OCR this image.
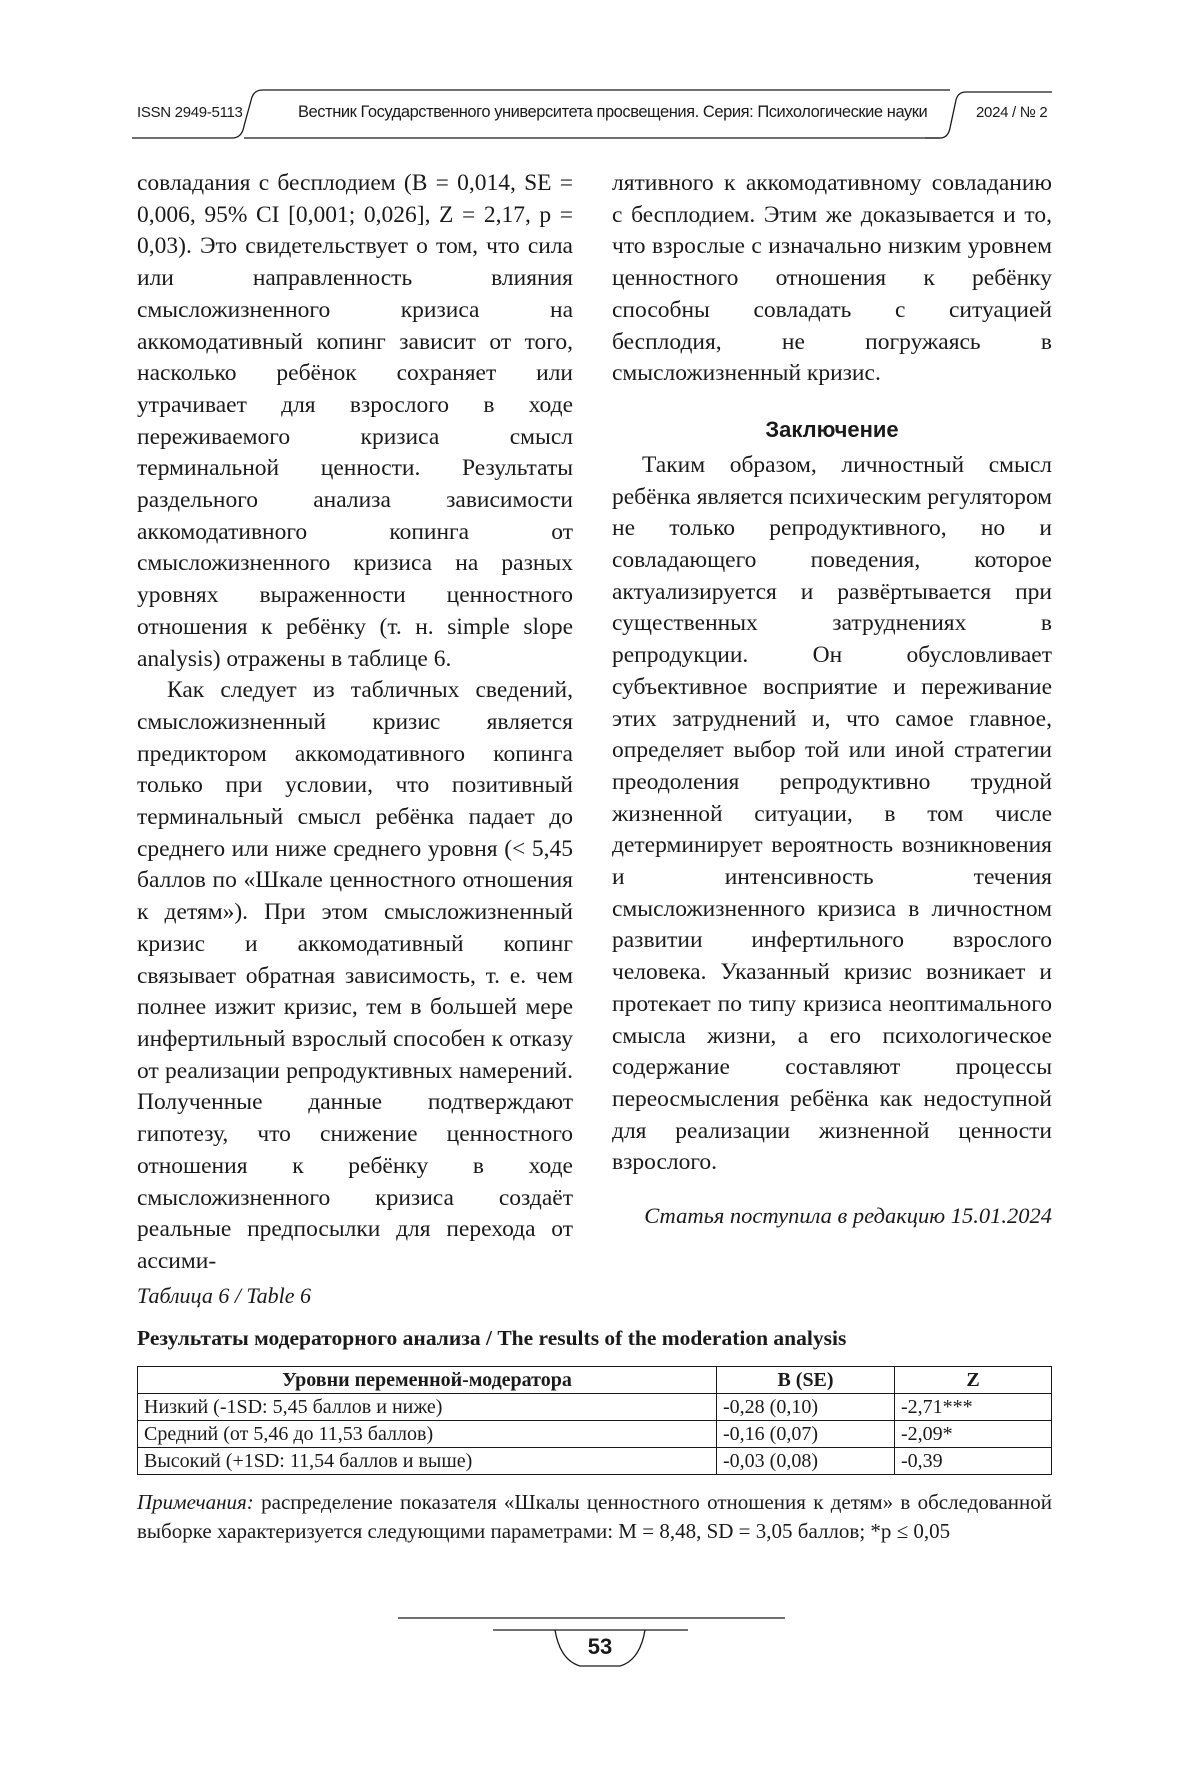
ISSN 2949-5113	Вестник Государственного университета просвещения. Серия: Психологические науки	2024 / № 2

совладания с бесплодием (B = 0,014, SE = 0,006, 95% CI [0,001; 0,026], Z = 2,17, p = 0,03). Это свидетельствует о том, что сила или направленность влияния смысложизненного кризиса на аккомодативный копинг зависит от того, насколько ребёнок сохраняет или утрачивает для взрослого в ходе переживаемого кризиса смысл терминальной ценности. Результаты раздельного анализа зависимости аккомодативного копинга от смысложизненного кризиса на разных уровнях выраженности ценностного отношения к ребёнку (т. н. simple slope analysis) отражены в таблице 6.

Как следует из табличных сведений, смысложизненный кризис является предиктором аккомодативного копинга только при условии, что позитивный терминальный смысл ребёнка падает до среднего или ниже среднего уровня (< 5,45 баллов по «Шкале ценностного отношения к детям»). При этом смысложизненный кризис и аккомодативный копинг связывает обратная зависимость, т. е. чем полнее изжит кризис, тем в большей мере инфертильный взрослый способен к отказу от реализации репродуктивных намерений. Полученные данные подтверждают гипотезу, что снижение ценностного отношения к ребёнку в ходе смысложизненного кризиса создаёт реальные предпосылки для перехода от ассими-

лятивного к аккомодативному совладанию с бесплодием. Этим же доказывается и то, что взрослые с изначально низким уровнем ценностного отношения к ребёнку способны совладать с ситуацией бесплодия, не погружаясь в смысложизненный кризис.

Заключение

Таким образом, личностный смысл ребёнка является психическим регулятором не только репродуктивного, но и совладающего поведения, которое актуализируется и развёртывается при существенных затруднениях в репродукции. Он обусловливает субъективное восприятие и переживание этих затруднений и, что самое главное, определяет выбор той или иной стратегии преодоления репродуктивно трудной жизненной ситуации, в том числе детерминирует вероятность возникновения и интенсивность течения смысложизненного кризиса в личностном развитии инфертильного взрослого человека. Указанный кризис возникает и протекает по типу кризиса неоптимального смысла жизни, а его психологическое содержание составляют процессы переосмысления ребёнка как недоступной для реализации жизненной ценности взрослого.

Статья поступила в редакцию 15.01.2024

Таблица 6 / Table 6
Результаты модераторного анализа / The results of the moderation analysis
Уровни переменной-модератора	B (SE)	Z
Низкий (-1SD: 5,45 баллов и ниже)	-0,28 (0,10)	-2,71***
Средний (от 5,46 до 11,53 баллов)	-0,16 (0,07)	-2,09*
Высокий (+1SD: 11,54 баллов и выше)	-0,03 (0,08)	-0,39
Примечания: распределение показателя «Шкалы ценностного отношения к детям» в обследованной выборке характеризуется следующими параметрами: M = 8,48, SD = 3,05 баллов; *p ≤ 0,05
53
